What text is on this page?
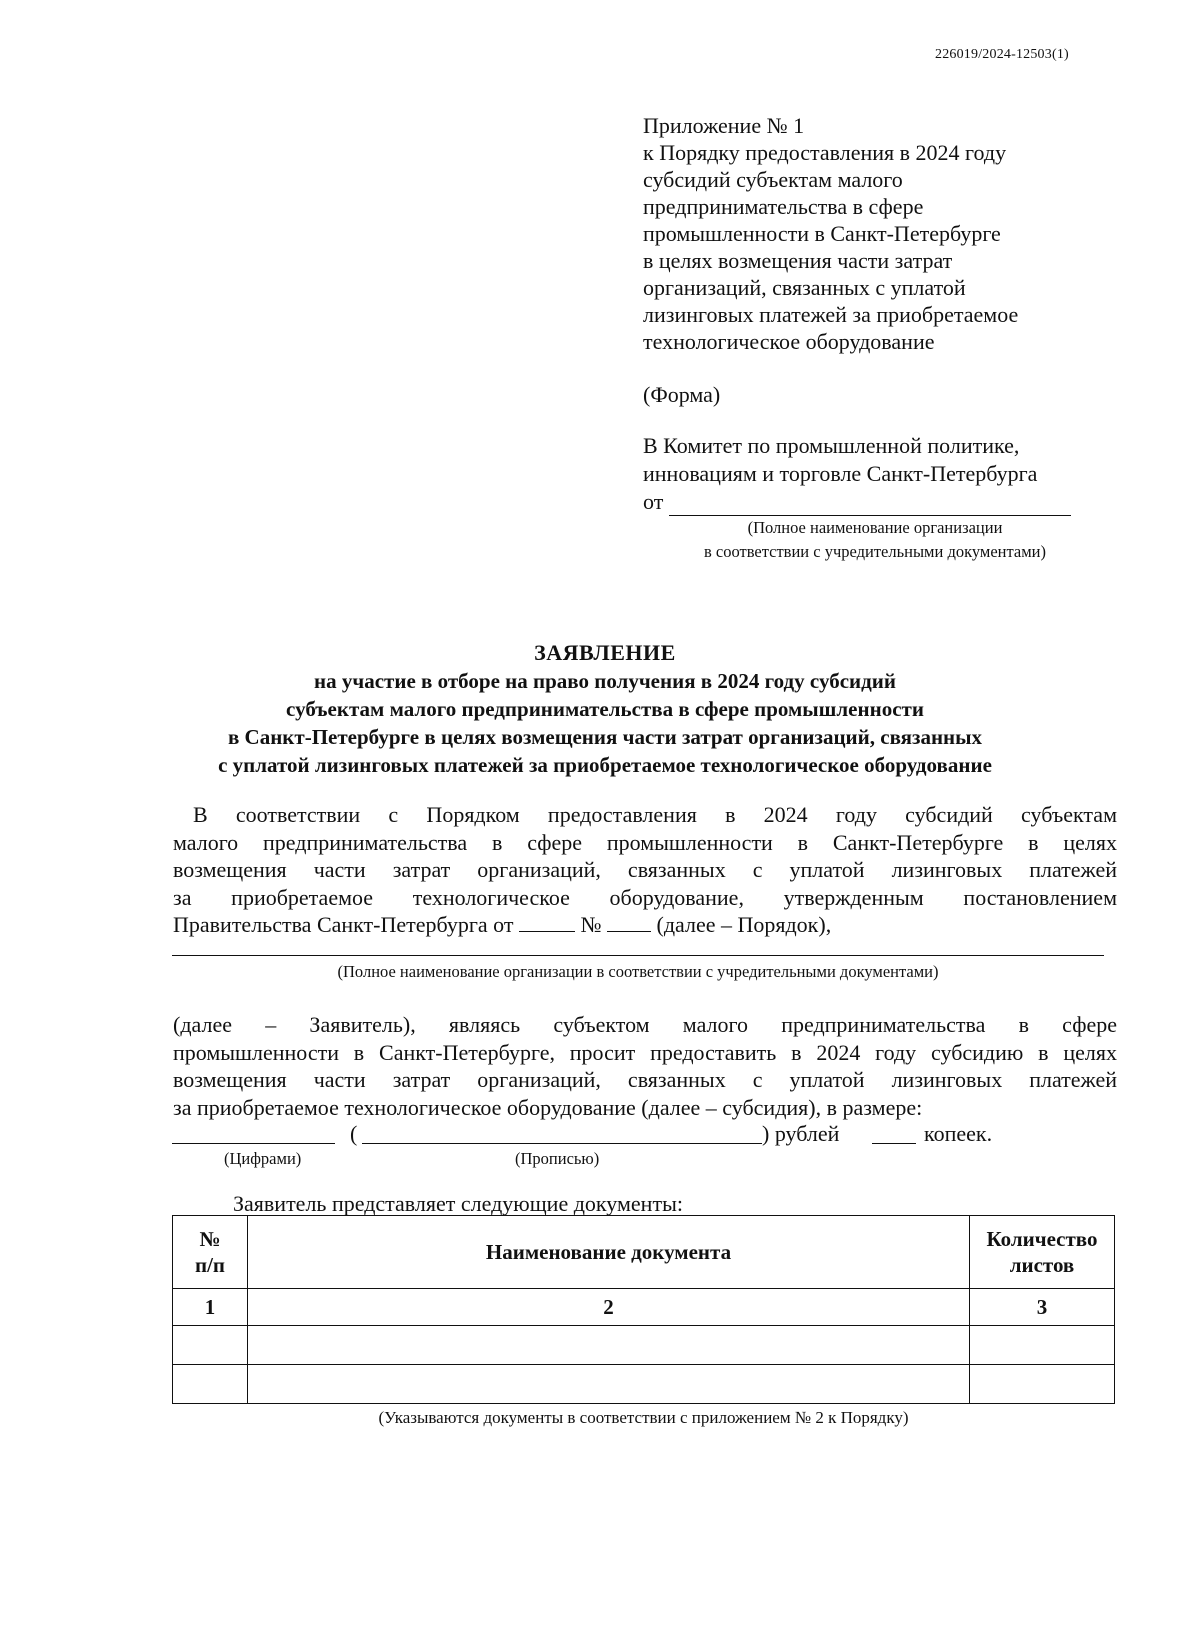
226019/2024-12503(1)
Приложение № 1
к Порядку предоставления в 2024 году
субсидий субъектам малого
предпринимательства в сфере
промышленности в Санкт-Петербурге
в целях возмещения части затрат
организаций, связанных с уплатой
лизинговых платежей за приобретаемое
технологическое оборудование
(Форма)
В Комитет по промышленной политике,
инновациям и торговле Санкт-Петербурга
от
(Полное наименование организации
в соответствии с учредительными документами)
ЗАЯВЛЕНИЕ
на участие в отборе на право получения в 2024 году субсидий
субъектам малого предпринимательства в сфере промышленности
в Санкт-Петербурге в целях возмещения части затрат организаций, связанных
с уплатой лизинговых платежей за приобретаемое технологическое оборудование
В соответствии с Порядком предоставления в 2024 году субсидий субъектам
малого предпринимательства в сфере промышленности в Санкт-Петербурге в целях
возмещения части затрат организаций, связанных с уплатой лизинговых платежей
за приобретаемое технологическое оборудование, утвержденным постановлением
Правительства Санкт-Петербурга от	№	(далее – Порядок),
(Полное наименование организации в соответствии с учредительными документами)
(далее – Заявитель), являясь субъектом малого предпринимательства в сфере
промышленности в Санкт-Петербурге, просит предоставить в 2024 году субсидию в целях
возмещения части затрат организаций, связанных с уплатой лизинговых платежей
за приобретаемое технологическое оборудование (далее – субсидия), в размере:
(	) рублей	копеек.
(Цифрами)	(Прописью)
Заявитель представляет следующие документы:
№
п/п	Наименование документа	Количество
листов
1	2	3

(Указываются документы в соответствии с приложением № 2 к Порядку)
